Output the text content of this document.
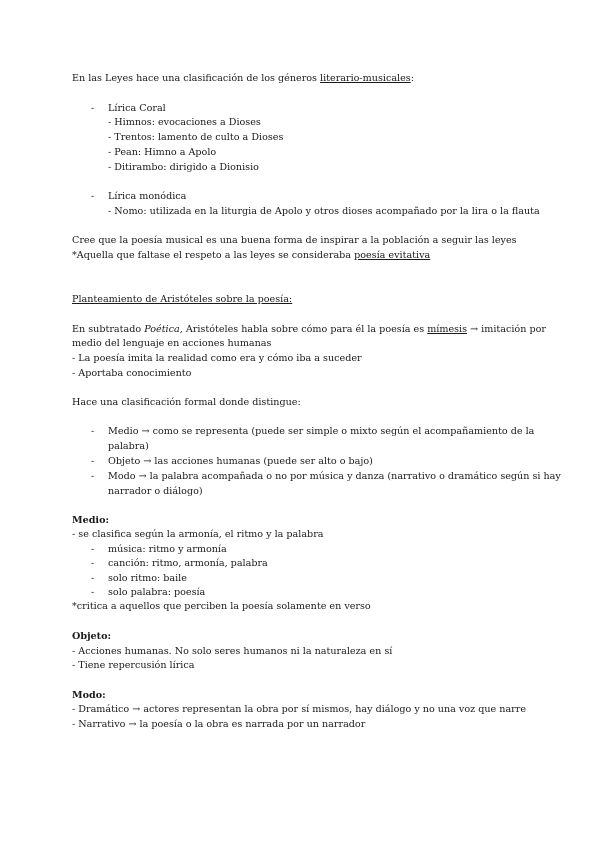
En las Leyes hace una clasificación de los géneros literario-musicales:
- Lírica Coral
- Himnos: evocaciones a Dioses
- Trentos: lamento de culto a Dioses
- Pean: Himno a Apolo
- Ditirambo: dirigido a Dionisio
- Lírica monódica
- Nomo: utilizada en la liturgia de Apolo y otros dioses acompañado por la lira o la flauta
Cree que la poesía musical es una buena forma de inspirar a la población a seguir las leyes
*Aquella que faltase el respeto a las leyes se consideraba poesía evitativa
Planteamiento de Aristóteles sobre la poesía:
En subtratado Poética, Aristóteles habla sobre cómo para él la poesía es mímesis → imitación por
medio del lenguaje en acciones humanas
- La poesía imita la realidad como era y cómo iba a suceder
- Aportaba conocimiento
Hace una clasificación formal donde distingue:
- Medio → como se representa (puede ser simple o mixto según el acompañamiento de la
palabra)
- Objeto → las acciones humanas (puede ser alto o bajo)
- Modo → la palabra acompañada o no por música y danza (narrativo o dramático según si hay
narrador o diálogo)
Medio:
- se clasifica según la armonía, el ritmo y la palabra
- música: ritmo y armonía
- canción: ritmo, armonía, palabra
- solo ritmo: baile
- solo palabra: poesía
*critica a aquellos que perciben la poesía solamente en verso
Objeto:
- Acciones humanas. No solo seres humanos ni la naturaleza en sí
- Tiene repercusión lírica
Modo:
- Dramático → actores representan la obra por sí mismos, hay diálogo y no una voz que narre
- Narrativo → la poesía o la obra es narrada por un narrador
